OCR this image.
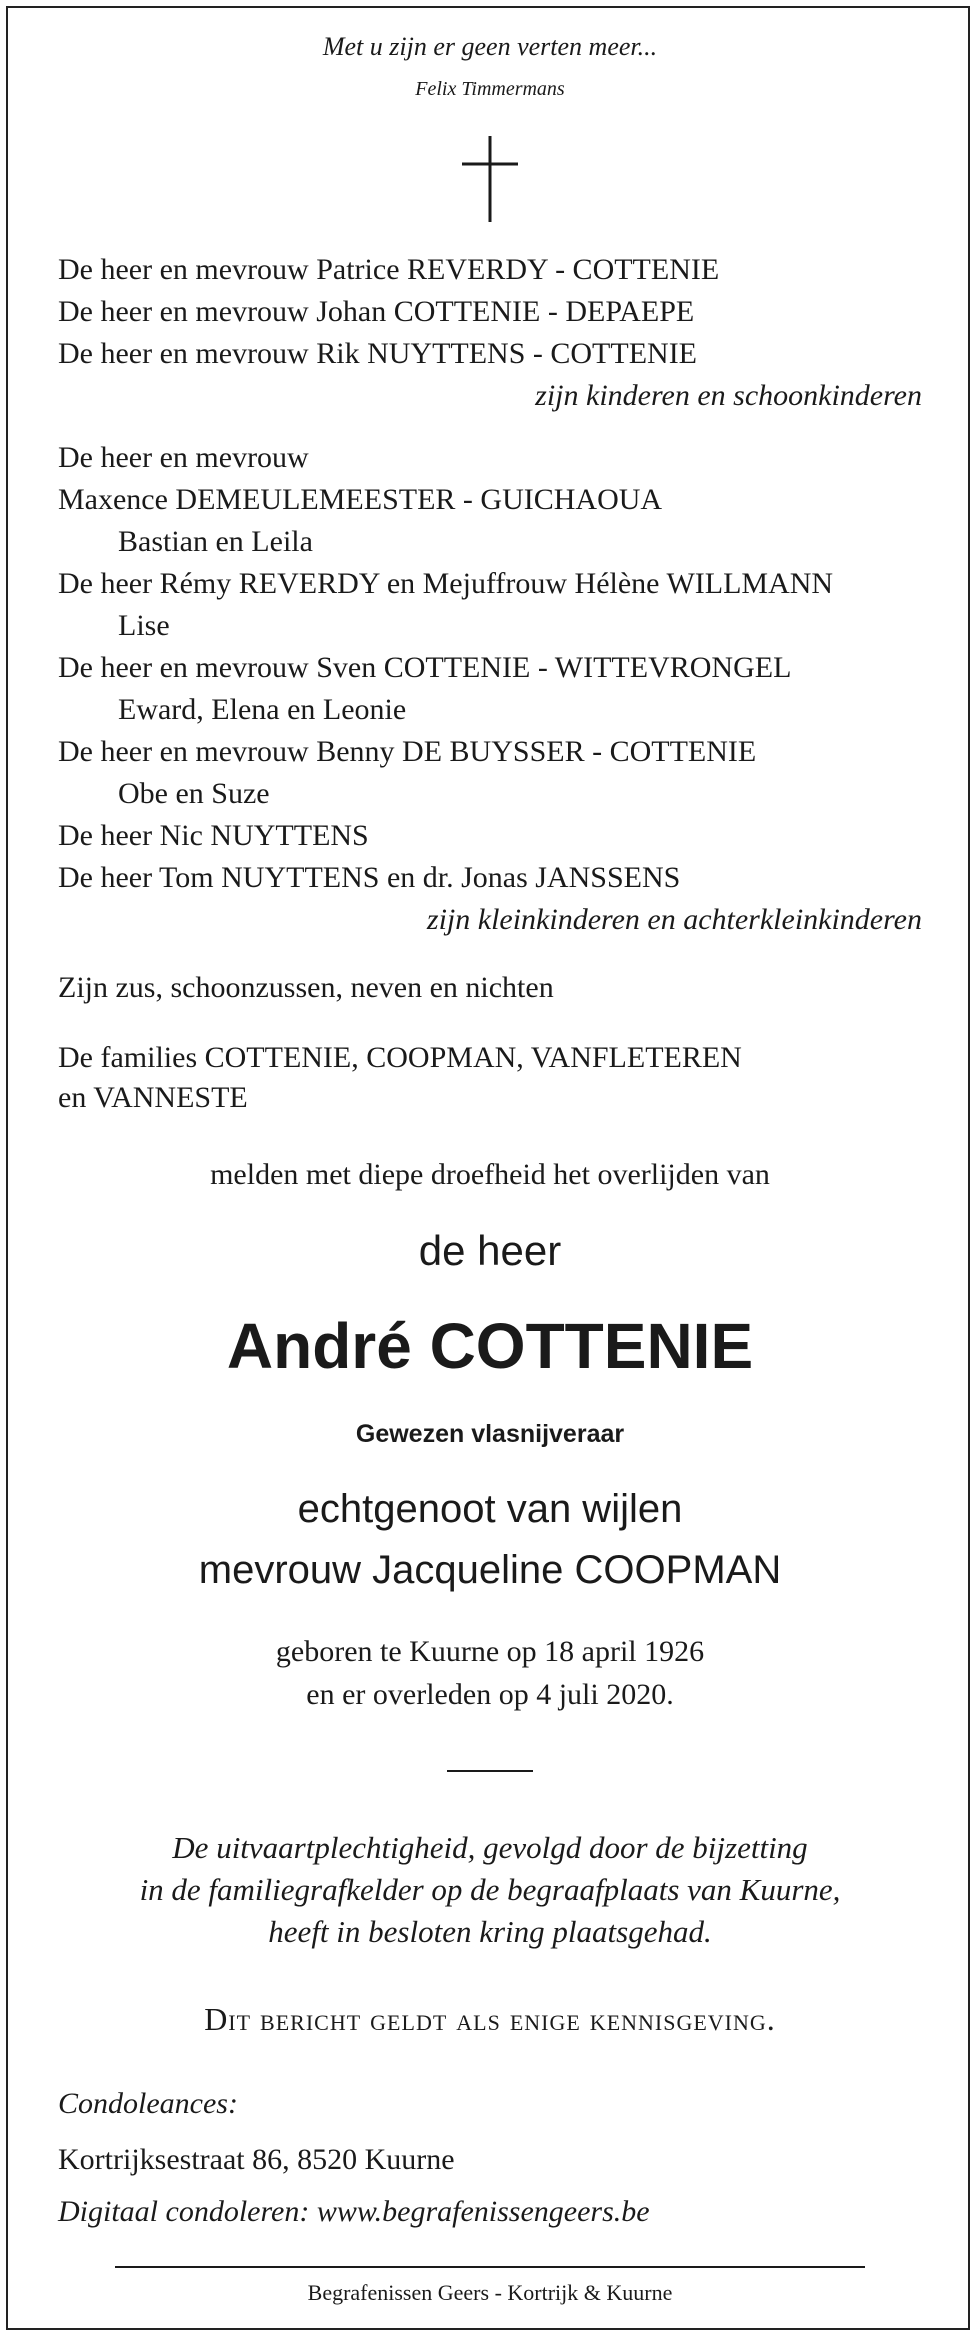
Met u zijn er geen verten meer...
Felix Timmermans
De heer en mevrouw Patrice REVERDY - COTTENIE
De heer en mevrouw Johan COTTENIE - DEPAEPE
De heer en mevrouw Rik NUYTTENS - COTTENIE
zijn kinderen en schoonkinderen
De heer en mevrouw
Maxence DEMEULEMEESTER - GUICHAOUA
Bastian en Leila
De heer Rémy REVERDY en Mejuffrouw Hélène WILLMANN
Lise
De heer en mevrouw Sven COTTENIE - WITTEVRONGEL
Eward, Elena en Leonie
De heer en mevrouw Benny DE BUYSSER - COTTENIE
Obe en Suze
De heer Nic NUYTTENS
De heer Tom NUYTTENS en dr. Jonas JANSSENS
zijn kleinkinderen en achterkleinkinderen
Zijn zus, schoonzussen, neven en nichten
De families COTTENIE, COOPMAN, VANFLETEREN
en VANNESTE
melden met diepe droefheid het overlijden van
de heer
André COTTENIE
Gewezen vlasnijveraar
echtgenoot van wijlen
mevrouw Jacqueline COOPMAN
geboren te Kuurne op 18 april 1926
en er overleden op 4 juli 2020.
De uitvaartplechtigheid, gevolgd door de bijzetting
in de familiegrafkelder op de begraafplaats van Kuurne,
heeft in besloten kring plaatsgehad.
Dit bericht geldt als enige kennisgeving.
Condoleances:
Kortrijksestraat 86, 8520 Kuurne
Digitaal condoleren: www.begrafenissengeers.be
Begrafenissen Geers - Kortrijk & Kuurne
